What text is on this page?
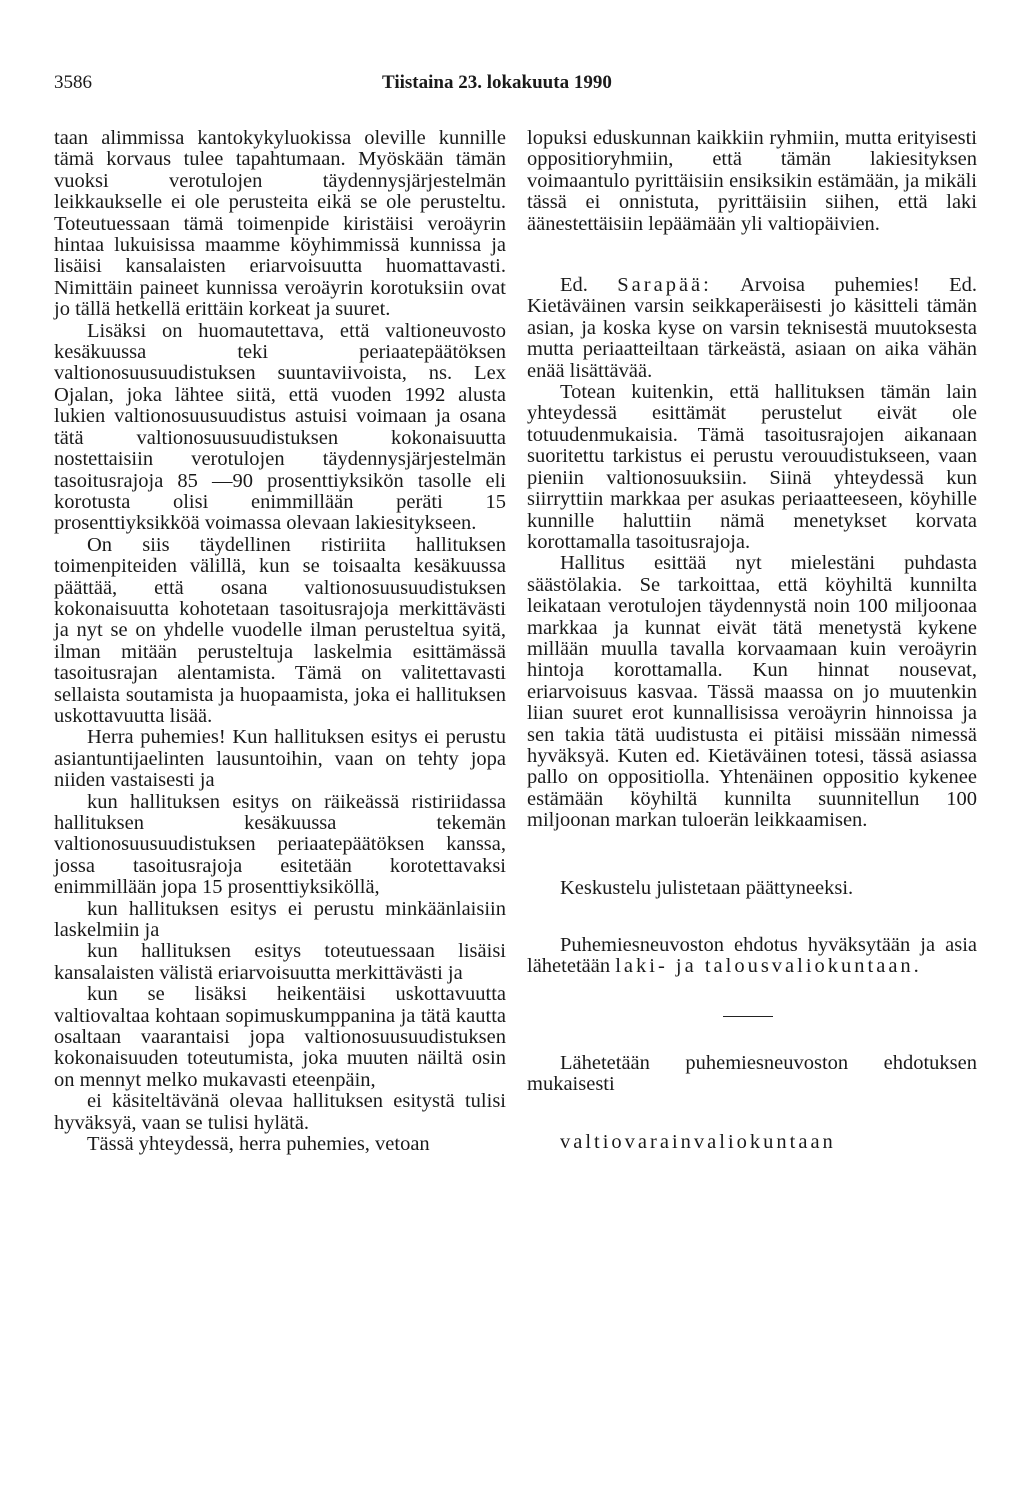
3586	Tiistaina 23. lokakuuta 1990

taan alimmissa kantokykyluokissa oleville kunnille tämä korvaus tulee tapahtumaan. Myöskään tämän vuoksi verotulojen täydennysjärjestelmän leikkaukselle ei ole perusteita eikä se ole perusteltu. Toteutuessaan tämä toimenpide kiristäisi veroäyrin hintaa lukuisissa maamme köyhimmissä kunnissa ja lisäisi kansalaisten eriarvoisuutta huomattavasti. Nimittäin paineet kunnissa veroäyrin korotuksiin ovat jo tällä hetkellä erittäin korkeat ja suuret.

Lisäksi on huomautettava, että valtioneuvosto kesäkuussa teki periaatepäätöksen valtionosuusuudistuksen suuntaviivoista, ns. Lex Ojalan, joka lähtee siitä, että vuoden 1992 alusta lukien valtionosuusuudistus astuisi voimaan ja osana tätä valtionosuusuudistuksen kokonaisuutta nostettaisiin verotulojen täydennysjärjestelmän tasoitusrajoja 85 —90 prosenttiyksikön tasolle eli korotusta olisi enimmillään peräti 15 prosenttiyksikköä voimassa olevaan lakiesitykseen.

On siis täydellinen ristiriita hallituksen toimenpiteiden välillä, kun se toisaalta kesäkuussa päättää, että osana valtionosuusuudistuksen kokonaisuutta kohotetaan tasoitusrajoja merkittävästi ja nyt se on yhdelle vuodelle ilman perusteltua syitä, ilman mitään perusteltuja laskelmia esittämässä tasoitusrajan alentamista. Tämä on valitettavasti sellaista soutamista ja huopaamista, joka ei hallituksen uskottavuutta lisää.

Herra puhemies! Kun hallituksen esitys ei perustu asiantuntijaelinten lausuntoihin, vaan on tehty jopa niiden vastaisesti ja

kun hallituksen esitys on räikeässä ristiriidassa hallituksen kesäkuussa tekemän valtionosuusuudistuksen periaatepäätöksen kanssa, jossa tasoitusrajoja esitetään korotettavaksi enimmillään jopa 15 prosenttiyksiköllä,

kun hallituksen esitys ei perustu minkäänlaisiin laskelmiin ja

kun hallituksen esitys toteutuessaan lisäisi kansalaisten välistä eriarvoisuutta merkittävästi ja

kun se lisäksi heikentäisi uskottavuutta valtiovaltaa kohtaan sopimuskumppanina ja tätä kautta osaltaan vaarantaisi jopa valtionosuusuudistuksen kokonaisuuden toteutumista, joka muuten näiltä osin on mennyt melko mukavasti eteenpäin,

ei käsiteltävänä olevaa hallituksen esitystä tulisi hyväksyä, vaan se tulisi hylätä.

Tässä yhteydessä, herra puhemies, vetoan

lopuksi eduskunnan kaikkiin ryhmiin, mutta erityisesti oppositioryhmiin, että tämän lakiesityksen voimaantulo pyrittäisiin ensiksikin estämään, ja mikäli tässä ei onnistuta, pyrittäisiin siihen, että laki äänestettäisiin lepäämään yli valtiopäivien.

Ed. Sarapää: Arvoisa puhemies! Ed. Kietäväinen varsin seikkaperäisesti jo käsitteli tämän asian, ja koska kyse on varsin teknisestä muutoksesta mutta periaatteiltaan tärkeästä, asiaan on aika vähän enää lisättävää.

Totean kuitenkin, että hallituksen tämän lain yhteydessä esittämät perustelut eivät ole totuudenmukaisia. Tämä tasoitusrajojen aikanaan suoritettu tarkistus ei perustu verouudistukseen, vaan pieniin valtionosuuksiin. Siinä yhteydessä kun siirryttiin markkaa per asukas periaatteeseen, köyhille kunnille haluttiin nämä menetykset korvata korottamalla tasoitusrajoja.

Hallitus esittää nyt mielestäni puhdasta säästölakia. Se tarkoittaa, että köyhiltä kunnilta leikataan verotulojen täydennystä noin 100 miljoonaa markkaa ja kunnat eivät tätä menetystä kykene millään muulla tavalla korvaamaan kuin veroäyrin hintoja korottamalla. Kun hinnat nousevat, eriarvoisuus kasvaa. Tässä maassa on jo muutenkin liian suuret erot kunnallisissa veroäyrin hinnoissa ja sen takia tätä uudistusta ei pitäisi missään nimessä hyväksyä. Kuten ed. Kietäväinen totesi, tässä asiassa pallo on oppositiolla. Yhtenäinen oppositio kykenee estämään köyhiltä kunnilta suunnitellun 100 miljoonan markan tuloerän leikkaamisen.

Keskustelu julistetaan päättyneeksi.

Puhemiesneuvoston ehdotus hyväksytään ja asia lähetetään laki- ja talousvaliokuntaan.

Lähetetään puhemiesneuvoston ehdotuksen mukaisesti

valtiovarainvaliokuntaan
